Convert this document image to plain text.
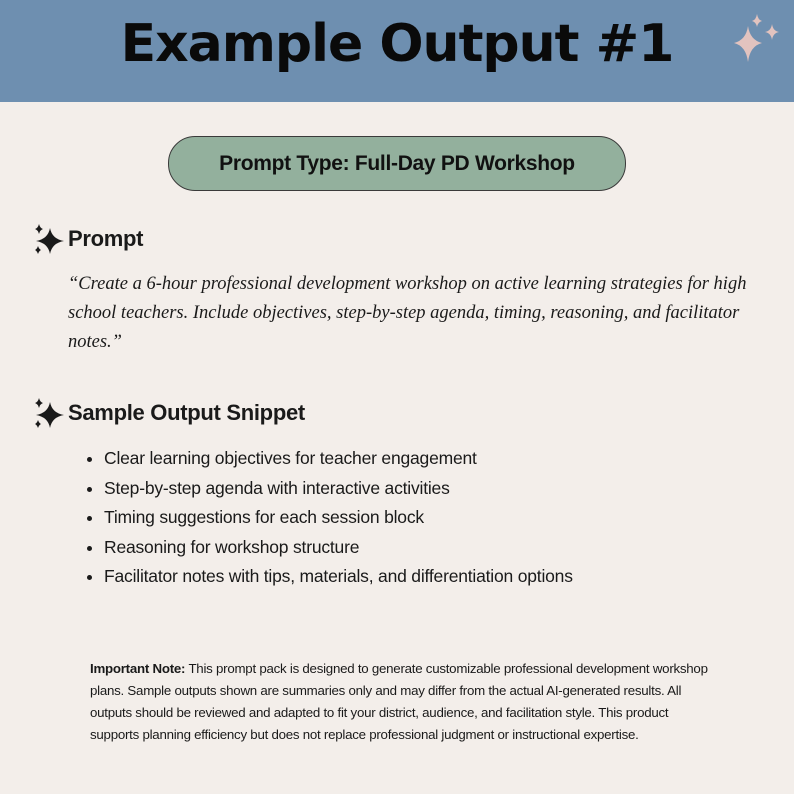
Example Output #1
Prompt Type: Full-Day PD Workshop
Prompt
“Create a 6-hour professional development workshop on active learning strategies for high school teachers. Include objectives, step-by-step agenda, timing, reasoning, and facilitator notes.”
Sample Output Snippet
• Clear learning objectives for teacher engagement
• Step-by-step agenda with interactive activities
• Timing suggestions for each session block
• Reasoning for workshop structure
• Facilitator notes with tips, materials, and differentiation options
Important Note: This prompt pack is designed to generate customizable professional development workshop plans. Sample outputs shown are summaries only and may differ from the actual AI-generated results. All outputs should be reviewed and adapted to fit your district, audience, and facilitation style. This product supports planning efficiency but does not replace professional judgment or instructional expertise.
